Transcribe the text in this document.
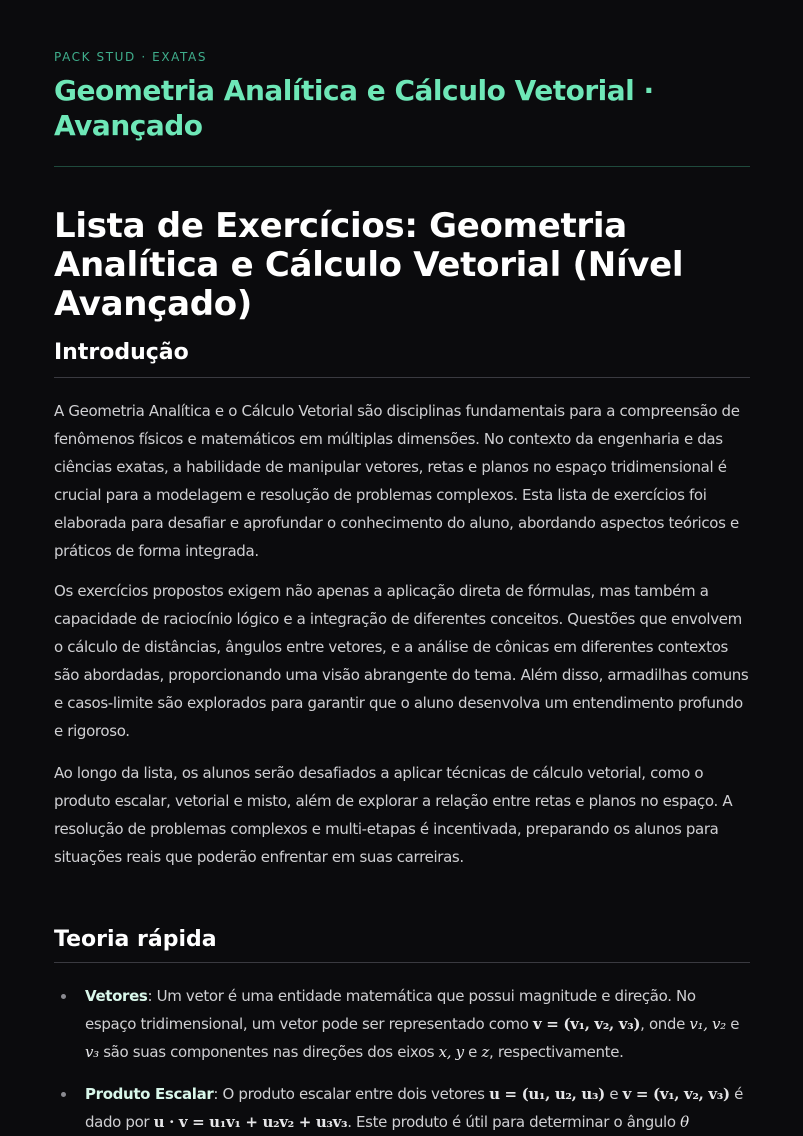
PACK STUD · EXATAS
Geometria Analítica e Cálculo Vetorial · Avançado
Lista de Exercícios: Geometria Analítica e Cálculo Vetorial (Nível Avançado)
Introdução

A Geometria Analítica e o Cálculo Vetorial são disciplinas fundamentais para a compreensão de fenômenos físicos e matemáticos em múltiplas dimensões. No contexto da engenharia e das ciências exatas, a habilidade de manipular vetores, retas e planos no espaço tridimensional é crucial para a modelagem e resolução de problemas complexos. Esta lista de exercícios foi elaborada para desafiar e aprofundar o conhecimento do aluno, abordando aspectos teóricos e práticos de forma integrada.

Os exercícios propostos exigem não apenas a aplicação direta de fórmulas, mas também a capacidade de raciocínio lógico e a integração de diferentes conceitos. Questões que envolvem o cálculo de distâncias, ângulos entre vetores, e a análise de cônicas em diferentes contextos são abordadas, proporcionando uma visão abrangente do tema. Além disso, armadilhas comuns e casos-limite são explorados para garantir que o aluno desenvolva um entendimento profundo e rigoroso.

Ao longo da lista, os alunos serão desafiados a aplicar técnicas de cálculo vetorial, como o produto escalar, vetorial e misto, além de explorar a relação entre retas e planos no espaço. A resolução de problemas complexos e multi-etapas é incentivada, preparando os alunos para situações reais que poderão enfrentar em suas carreiras.

Teoria rápida
Vetores: Um vetor é uma entidade matemática que possui magnitude e direção. No espaço tridimensional, um vetor pode ser representado como v = (v₁, v₂, v₃), onde v₁, v₂ e v₃ são suas componentes nas direções dos eixos x, y e z, respectivamente.
Produto Escalar: O produto escalar entre dois vetores u = (u₁, u₂, u₃) e v = (v₁, v₂, v₃) é dado por u · v = u₁v₁ + u₂v₂ + u₃v₃. Este produto é útil para determinar o ângulo θ
